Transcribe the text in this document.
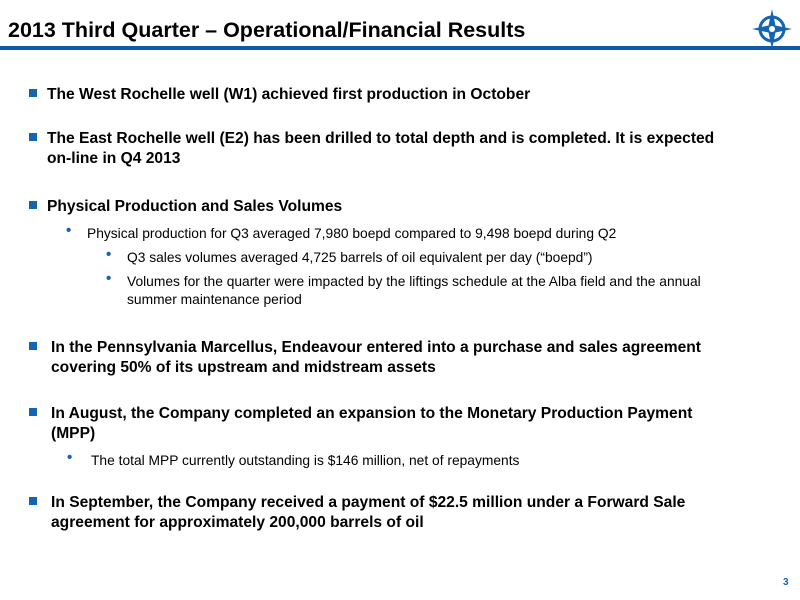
2013 Third Quarter – Operational/Financial Results
The West Rochelle well (W1) achieved first production in October
The East Rochelle well (E2) has been drilled to total depth and is completed. It is expected on-line in Q4 2013
Physical Production and Sales Volumes
• Physical production for Q3 averaged 7,980 boepd compared to 9,498 boepd during Q2
• Q3 sales volumes averaged 4,725 barrels of oil equivalent per day (“boepd”)
• Volumes for the quarter were impacted by the liftings schedule at the Alba field and the annual summer maintenance period
In the Pennsylvania Marcellus, Endeavour entered into a purchase and sales agreement covering 50% of its upstream and midstream assets
In August, the Company completed an expansion to the Monetary Production Payment (MPP)
• The total MPP currently outstanding is $146 million, net of repayments
In September, the Company received a payment of $22.5 million under a Forward Sale agreement for approximately 200,000 barrels of oil
3
